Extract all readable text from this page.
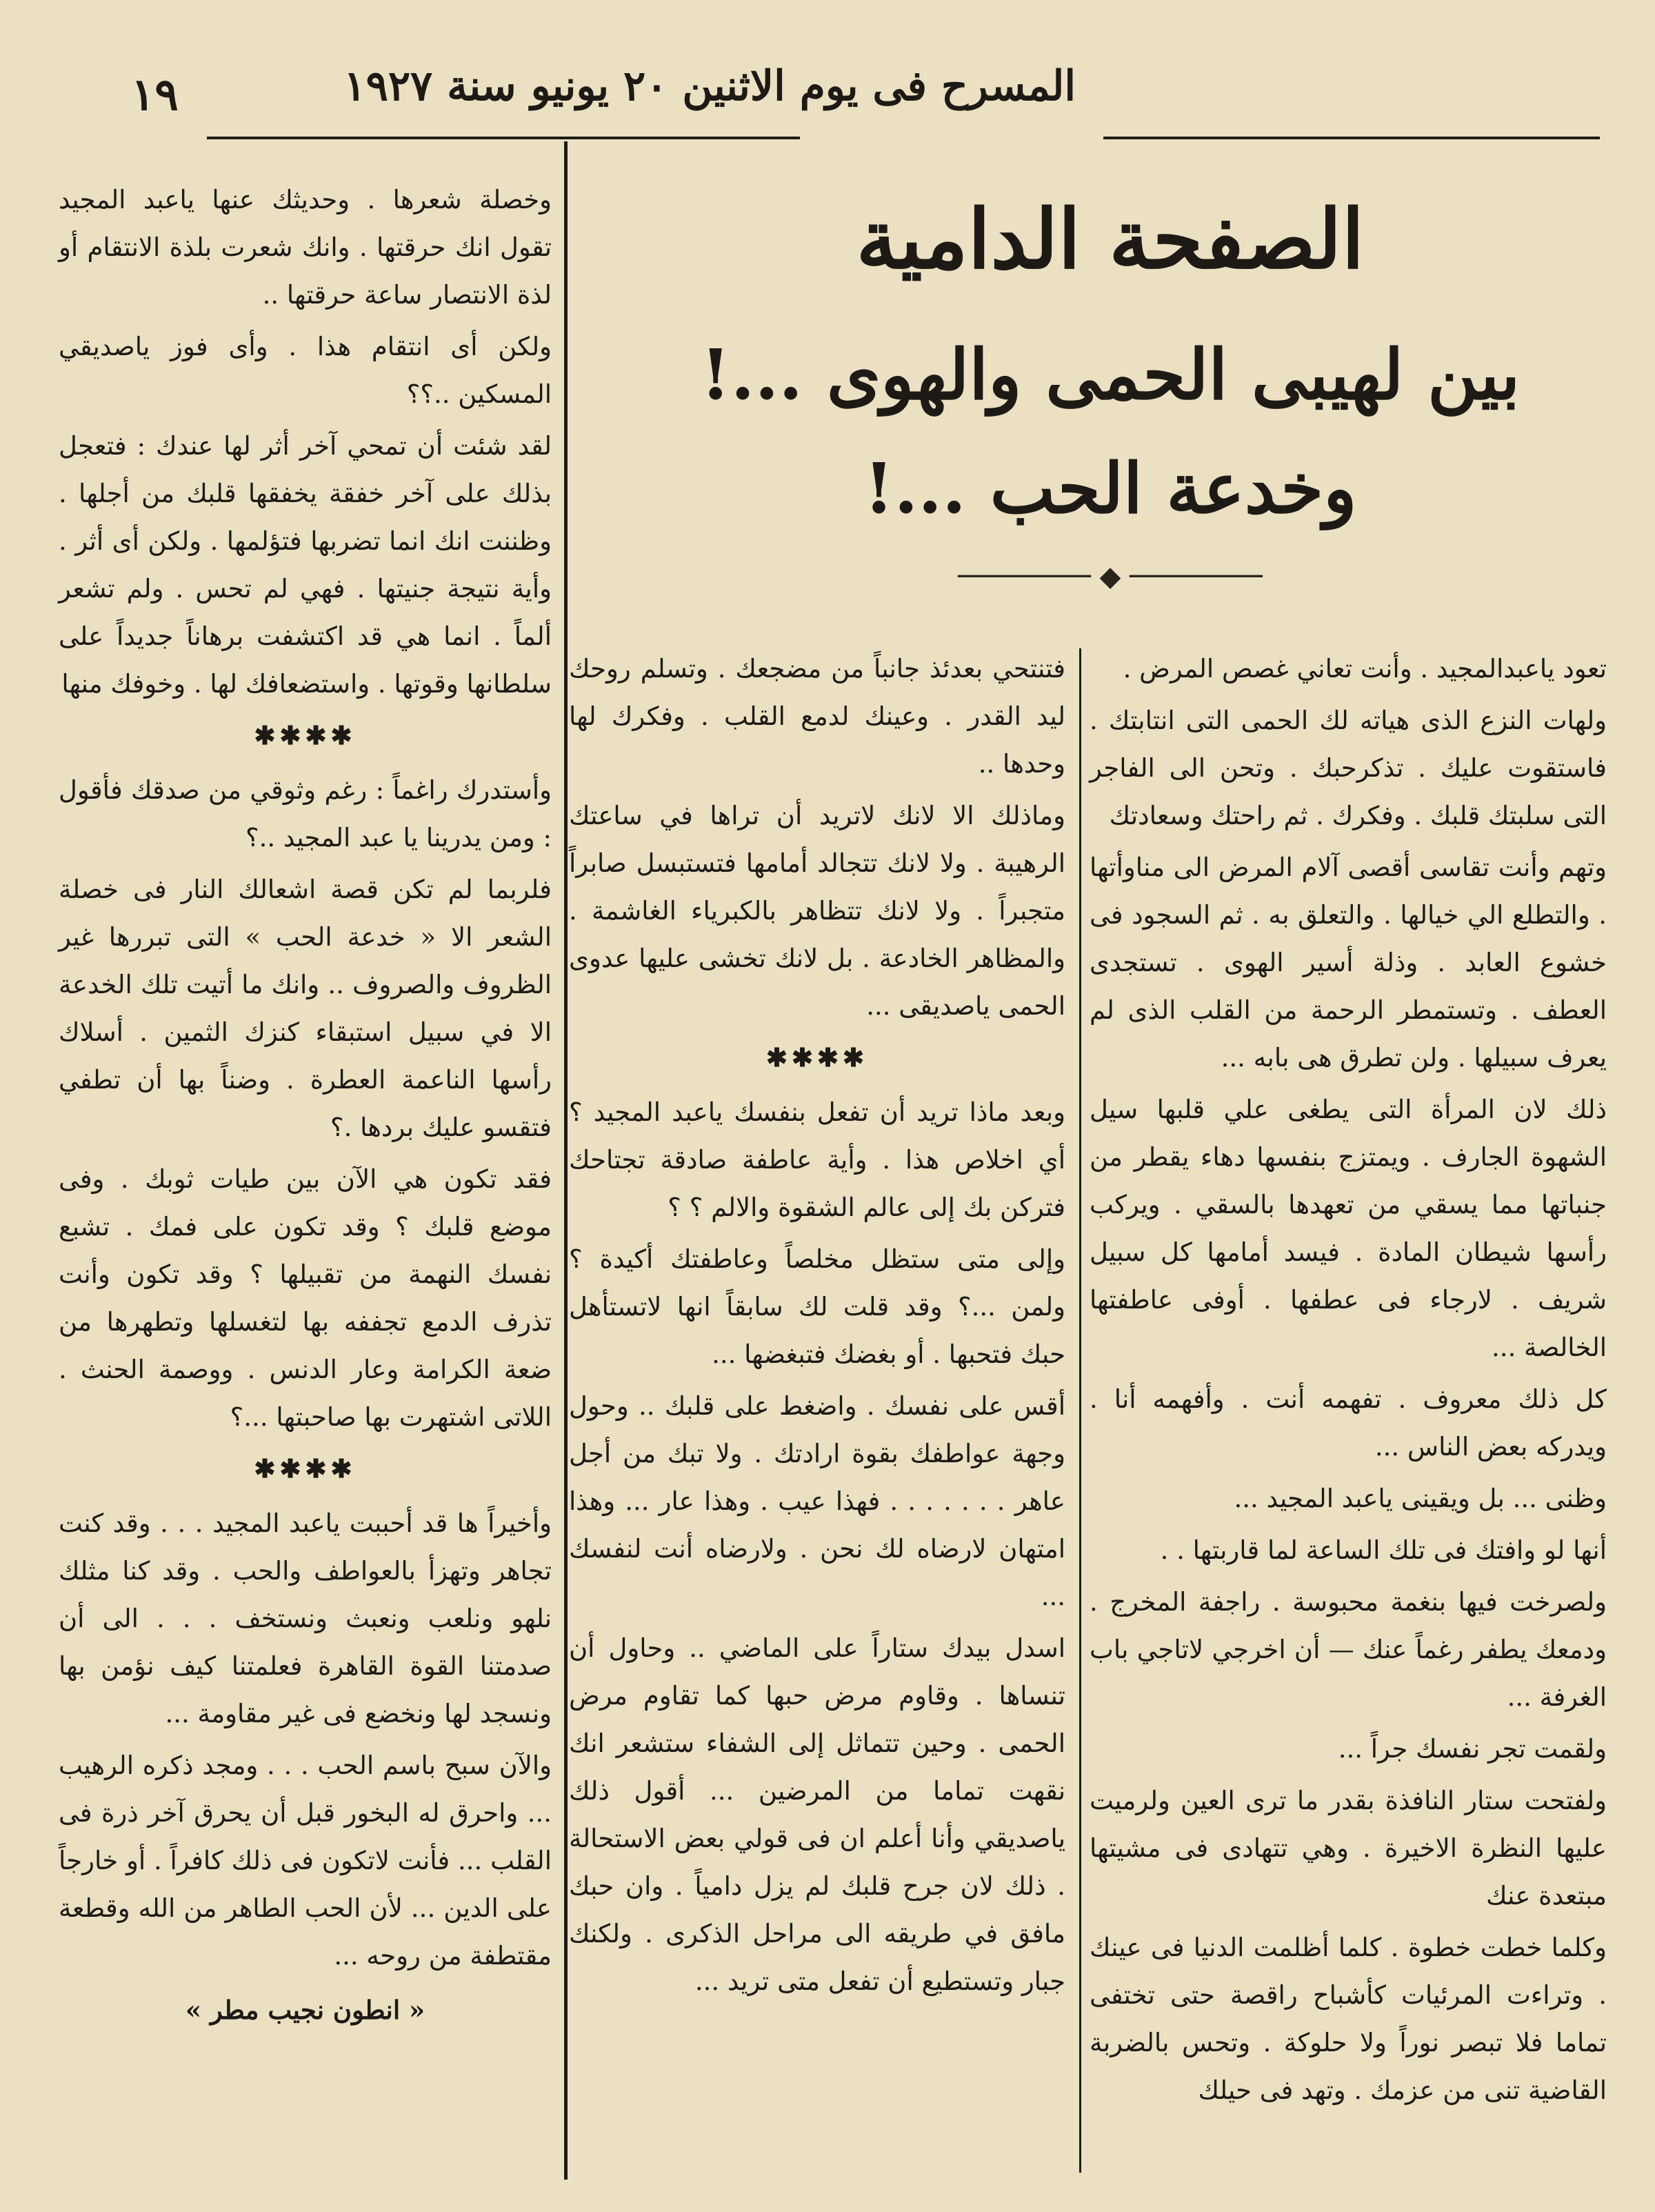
المسرح فى يوم الاثنين ٢٠ يونيو سنة ١٩٢٧
١٩
الصفحة الدامية
بين لهيبى الحمى والهوى ...!
وخدعة الحب ...!
──────── ◆ ────────

تعود ياعبدالمجيد . وأنت تعاني غصص المرض .

ولهات النزع الذى هياته لك الحمى التى انتابتك . فاستقوت عليك . تذكرحبك . وتحن الى الفاجر التى سلبتك قلبك . وفكرك . ثم راحتك وسعادتك

وتهم وأنت تقاسى أقصى آلام المرض الى مناوأتها . والتطلع الي خيالها . والتعلق به . ثم السجود فى خشوع العابد . وذلة أسير الهوى . تستجدى العطف . وتستمطر الرحمة من القلب الذى لم يعرف سبيلها . ولن تطرق هى بابه ...

ذلك لان المرأة التى يطغى علي قلبها سيل الشهوة الجارف . ويمتزج بنفسها دهاء يقطر من جنباتها مما يسقي من تعهدها بالسقي . ويركب رأسها شيطان المادة . فيسد أمامها كل سبيل شريف . لارجاء فى عطفها . أوفى عاطفتها الخالصة ...

كل ذلك معروف . تفهمه أنت . وأفهمه أنا . ويدركه بعض الناس ...

وظنى ... بل ويقينى ياعبد المجيد ...

أنها لو وافتك فى تلك الساعة لما قاربتها . .

ولصرخت فيها بنغمة محبوسة . راجفة المخرج . ودمعك يطفر رغماً عنك — أن اخرجي لاتاجي باب الغرفة ...

ولقمت تجر نفسك جراً ...

ولفتحت ستار النافذة بقدر ما ترى العين ولرميت عليها النظرة الاخيرة . وهي تتهادى فى مشيتها مبتعدة عنك

وكلما خطت خطوة . كلما أظلمت الدنيا فى عينك . وتراءت المرئيات كأشباح راقصة حتى تختفى تماما فلا تبصر نوراً ولا حلوكة . وتحس بالضربة القاضية تنى من عزمك . وتهد فى حيلك

فتنتحي بعدئذ جانباً من مضجعك . وتسلم روحك ليد القدر . وعينك لدمع القلب . وفكرك لها وحدها ..

وماذلك الا لانك لاتريد أن تراها في ساعتك الرهيبة . ولا لانك تتجالد أمامها فتستبسل صابراً متجبراً . ولا لانك تتظاهر بالكبرياء الغاشمة . والمظاهر الخادعة . بل لانك تخشى عليها عدوى الحمى ياصديقى ...

✱✱✱✱

وبعد ماذا تريد أن تفعل بنفسك ياعبد المجيد ؟ أي اخلاص هذا . وأية عاطفة صادقة تجتاحك فتركن بك إلى عالم الشقوة والالم ؟ ؟

وإلى متى ستظل مخلصاً وعاطفتك أكيدة ؟ ولمن ...؟ وقد قلت لك سابقاً انها لاتستأهل حبك فتحبها . أو بغضك فتبغضها ...

أقس على نفسك . واضغط على قلبك .. وحول وجهة عواطفك بقوة ارادتك . ولا تبك من أجل عاهر . . . . . . . فهذا عيب . وهذا عار ... وهذا امتهان لارضاه لك نحن . ولارضاه أنت لنفسك ...

اسدل بيدك ستاراً على الماضي .. وحاول أن تنساها . وقاوم مرض حبها كما تقاوم مرض الحمى . وحين تتماثل إلى الشفاء ستشعر انك نقهت تماما من المرضين ... أقول ذلك ياصديقي وأنا أعلم ان فى قولي بعض الاستحالة . ذلك لان جرح قلبك لم يزل دامياً . وان حبك مافق في طريقه الى مراحل الذكرى . ولكنك جبار وتستطيع أن تفعل متى تريد ...

وخصلة شعرها . وحديثك عنها ياعبد المجيد تقول انك حرقتها . وانك شعرت بلذة الانتقام أو لذة الانتصار ساعة حرقتها ..

ولكن أى انتقام هذا . وأى فوز ياصديقي المسكين ..؟؟

لقد شئت أن تمحي آخر أثر لها عندك : فتعجل بذلك على آخر خفقة يخفقها قلبك من أجلها . وظننت انك انما تضربها فتؤلمها . ولكن أى أثر . وأية نتيجة جنيتها . فهي لم تحس . ولم تشعر ألماً . انما هي قد اكتشفت برهاناً جديداً على سلطانها وقوتها . واستضعافك لها . وخوفك منها

✱✱✱✱

وأستدرك راغماً : رغم وثوقي من صدقك فأقول : ومن يدرينا يا عبد المجيد ..؟

فلربما لم تكن قصة اشعالك النار فى خصلة الشعر الا « خدعة الحب » التى تبررها غير الظروف والصروف .. وانك ما أتيت تلك الخدعة الا في سبيل استبقاء كنزك الثمين . أسلاك رأسها الناعمة العطرة . وضناً بها أن تطفي فتقسو عليك بردها .؟

فقد تكون هي الآن بين طيات ثوبك . وفى موضع قلبك ؟ وقد تكون على فمك . تشبع نفسك النهمة من تقبيلها ؟ وقد تكون وأنت تذرف الدمع تجففه بها لتغسلها وتطهرها من ضعة الكرامة وعار الدنس . ووصمة الحنث . اللاتى اشتهرت بها صاحبتها ...؟

✱✱✱✱

وأخيراً ها قد أحببت ياعبد المجيد . . . وقد كنت تجاهر وتهزأ بالعواطف والحب . وقد كنا مثلك نلهو ونلعب ونعبث ونستخف . . . الى أن صدمتنا القوة القاهرة فعلمتنا كيف نؤمن بها ونسجد لها ونخضع فى غير مقاومة ...

والآن سبح باسم الحب . . . ومجد ذكره الرهيب ... واحرق له البخور قبل أن يحرق آخر ذرة فى القلب ... فأنت لاتكون فى ذلك كافراً . أو خارجاً على الدين ... لأن الحب الطاهر من الله وقطعة مقتطفة من روحه ...

« انطون نجيب مطر »
